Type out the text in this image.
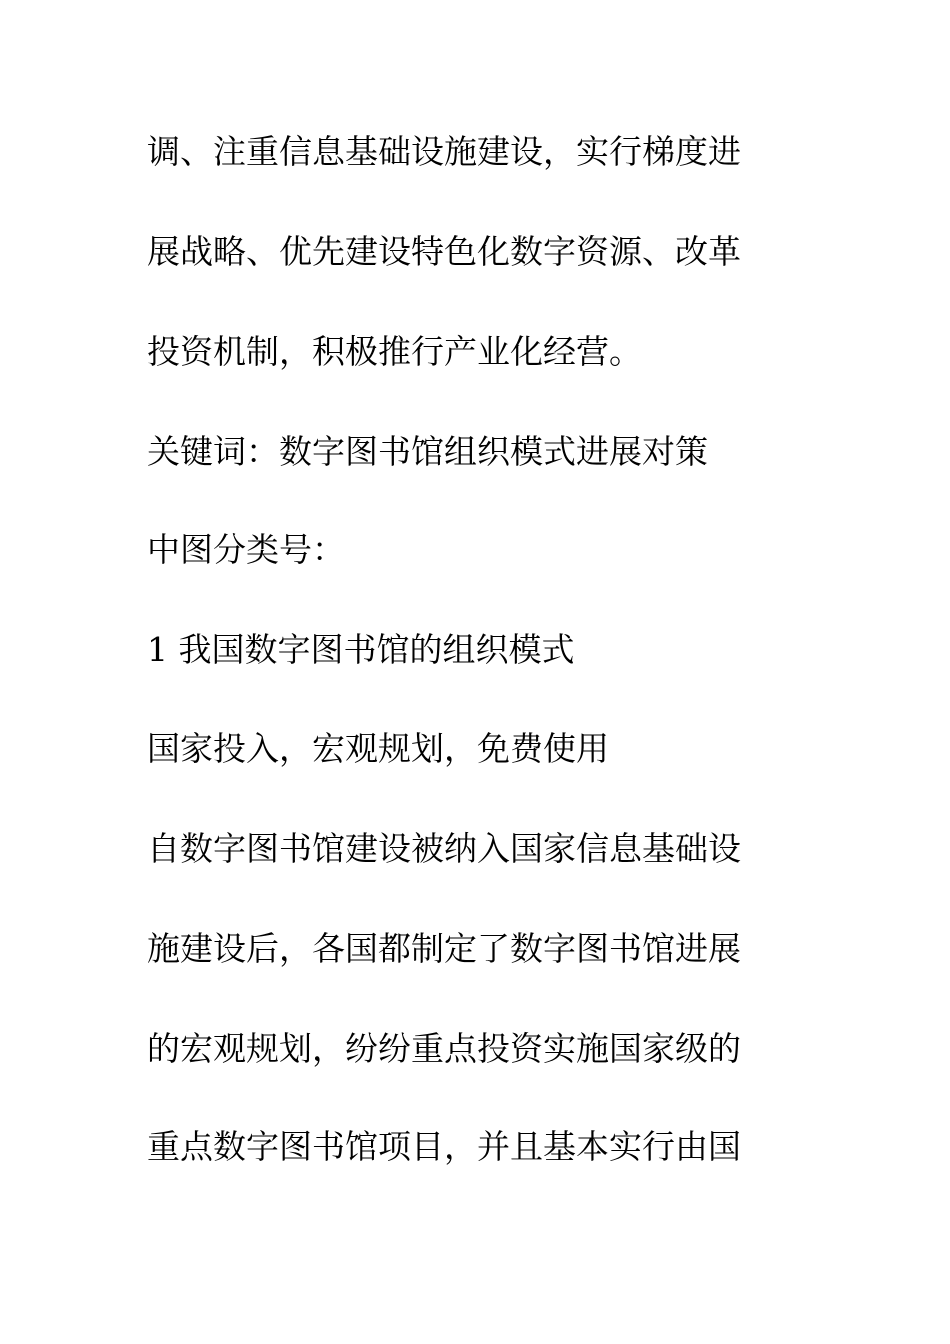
调、注重信息基础设施建设，实行梯度进
展战略、优先建设特色化数字资源、改革
投资机制，积极推行产业化经营。
关键词：数字图书馆组织模式进展对策
中图分类号：
1 我国数字图书馆的组织模式
国家投入，宏观规划，免费使用
自数字图书馆建设被纳入国家信息基础设
施建设后，各国都制定了数字图书馆进展
的宏观规划，纷纷重点投资实施国家级的
重点数字图书馆项目，并且基本实行由国
